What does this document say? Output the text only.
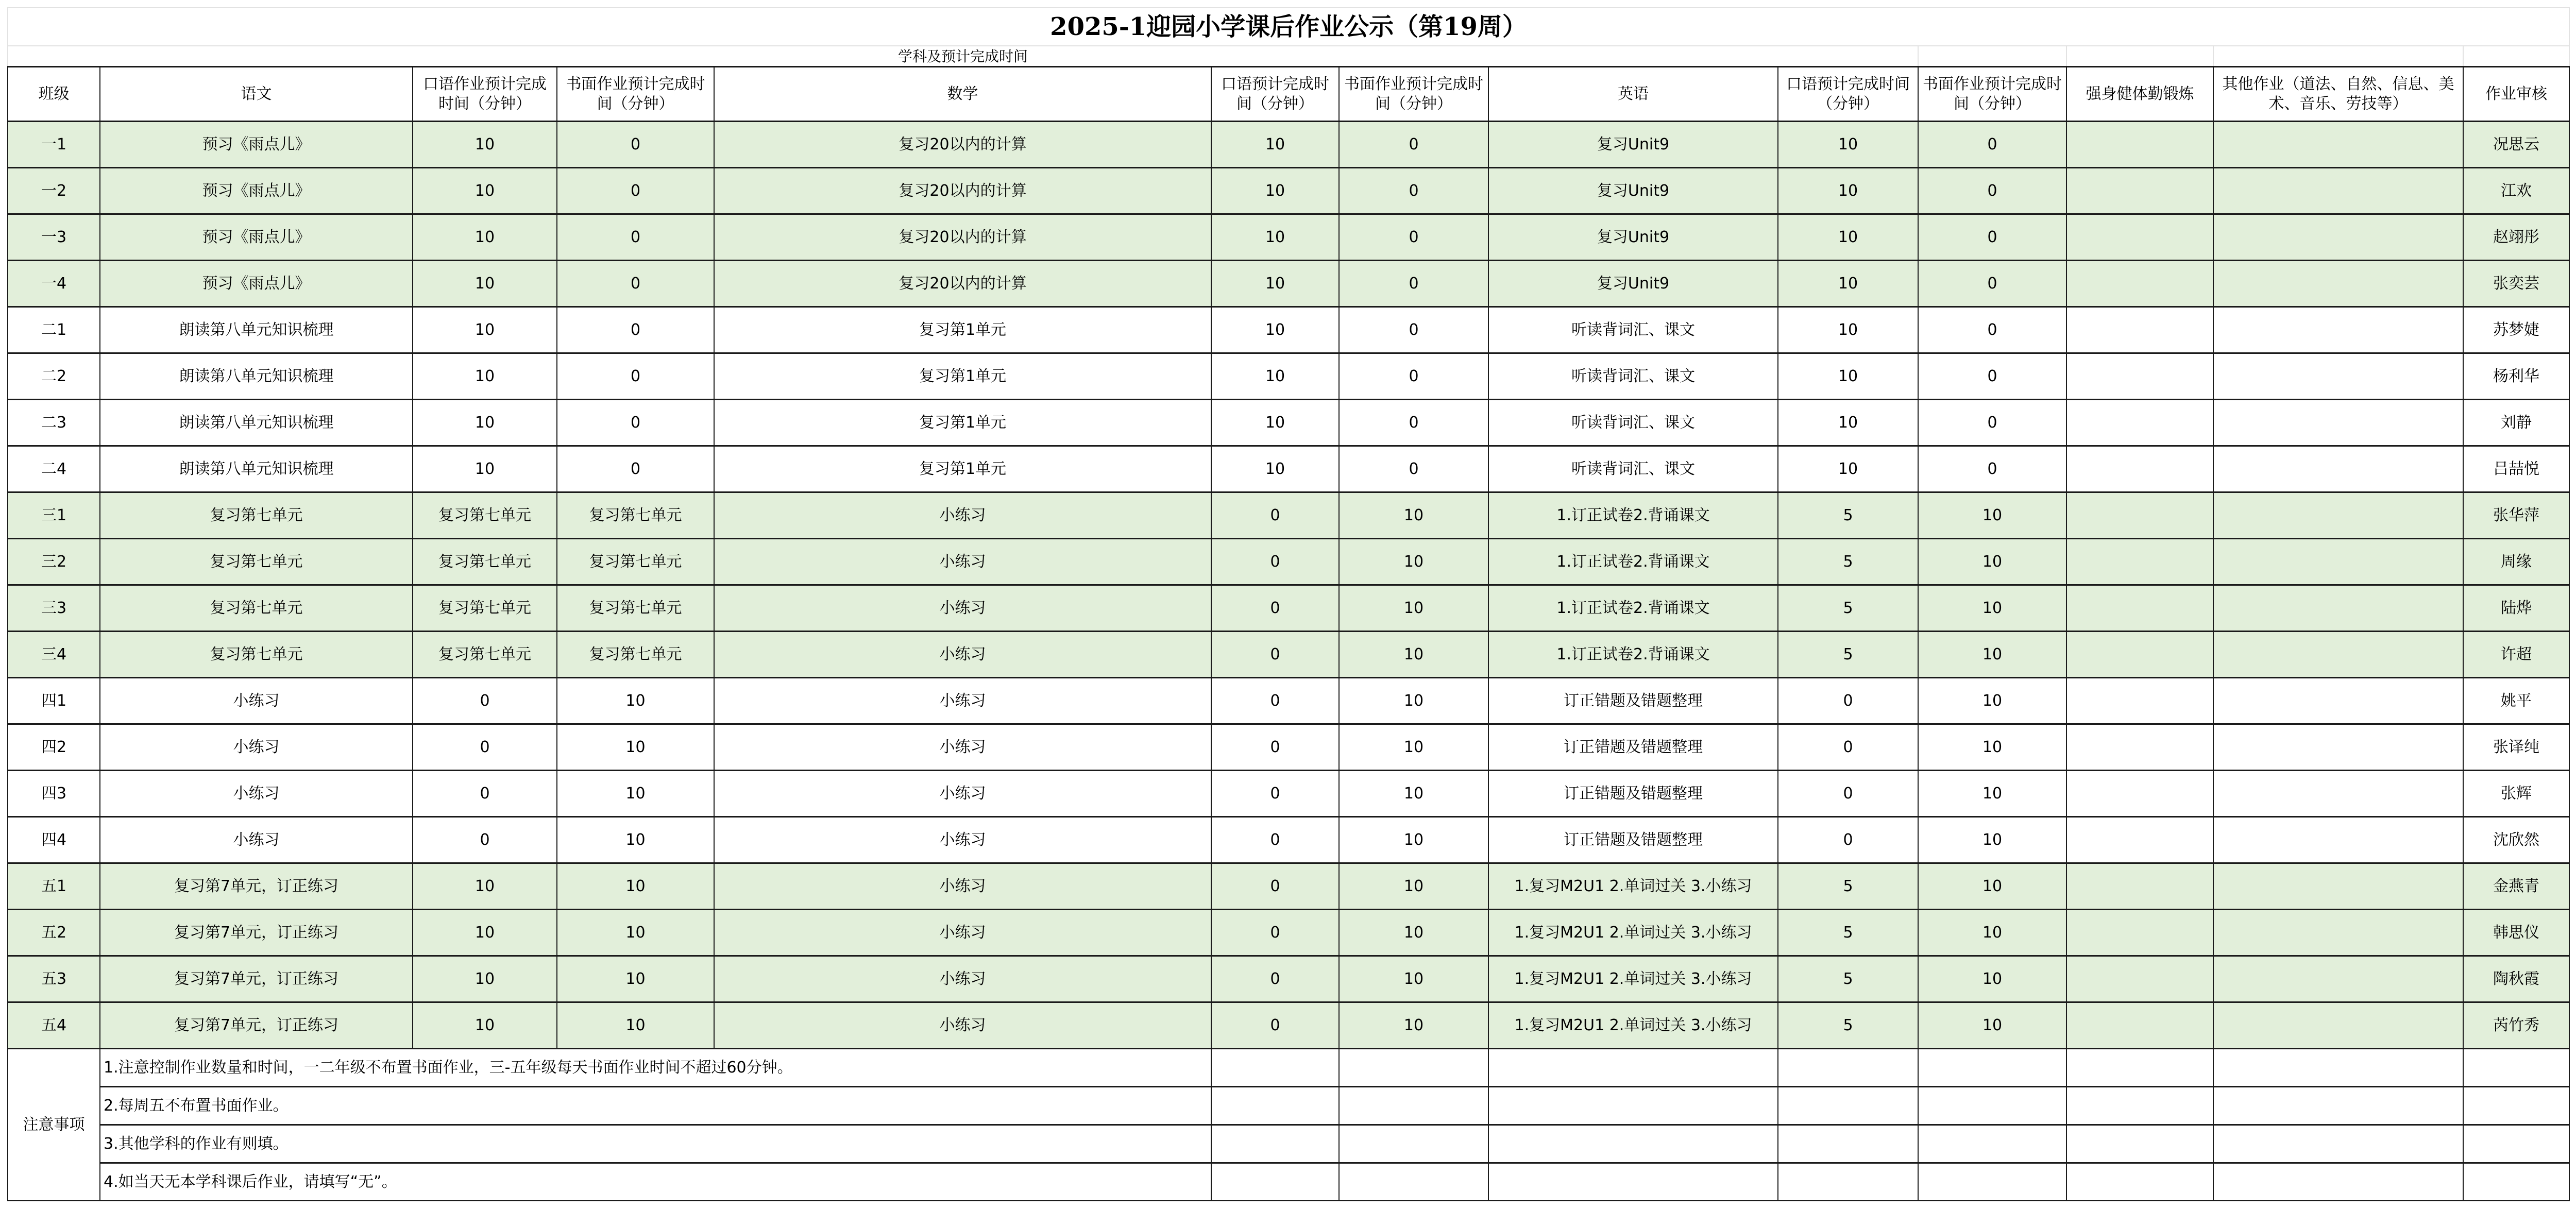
2025-1迎园小学课后作业公示（第19周）												
学科及预计完成时间												
班级	语文	口语作业预计完成时间（分钟）	书面作业预计完成时间（分钟）	数学	口语预计完成时间（分钟）	书面作业预计完成时间（分钟）	英语	口语预计完成时间（分钟）	书面作业预计完成时间（分钟）	强身健体勤锻炼	其他作业（道法、自然、信息、美术、音乐、劳技等）	作业审核
一1	预习《雨点儿》	10	0	复习20以内的计算	10	0	复习Unit9	10	0			况思云
一2	预习《雨点儿》	10	0	复习20以内的计算	10	0	复习Unit9	10	0			江欢
一3	预习《雨点儿》	10	0	复习20以内的计算	10	0	复习Unit9	10	0			赵翊彤
一4	预习《雨点儿》	10	0	复习20以内的计算	10	0	复习Unit9	10	0			张奕芸
二1	朗读第八单元知识梳理	10	0	复习第1单元	10	0	听读背词汇、课文	10	0			苏梦婕
二2	朗读第八单元知识梳理	10	0	复习第1单元	10	0	听读背词汇、课文	10	0			杨利华
二3	朗读第八单元知识梳理	10	0	复习第1单元	10	0	听读背词汇、课文	10	0			刘静
二4	朗读第八单元知识梳理	10	0	复习第1单元	10	0	听读背词汇、课文	10	0			吕喆悦
三1	复习第七单元	复习第七单元	复习第七单元	小练习	0	10	1.订正试卷2.背诵课文	5	10			张华萍
三2	复习第七单元	复习第七单元	复习第七单元	小练习	0	10	1.订正试卷2.背诵课文	5	10			周缘
三3	复习第七单元	复习第七单元	复习第七单元	小练习	0	10	1.订正试卷2.背诵课文	5	10			陆烨
三4	复习第七单元	复习第七单元	复习第七单元	小练习	0	10	1.订正试卷2.背诵课文	5	10			许超
四1	小练习	0	10	小练习	0	10	订正错题及错题整理	0	10			姚平
四2	小练习	0	10	小练习	0	10	订正错题及错题整理	0	10			张译纯
四3	小练习	0	10	小练习	0	10	订正错题及错题整理	0	10			张辉
四4	小练习	0	10	小练习	0	10	订正错题及错题整理	0	10			沈欣然
五1	复习第7单元，订正练习	10	10	小练习	0	10	1.复习M2U1 2.单词过关 3.小练习	5	10			金燕青
五2	复习第7单元，订正练习	10	10	小练习	0	10	1.复习M2U1 2.单词过关 3.小练习	5	10			韩思仪
五3	复习第7单元，订正练习	10	10	小练习	0	10	1.复习M2U1 2.单词过关 3.小练习	5	10			陶秋霞
五4	复习第7单元，订正练习	10	10	小练习	0	10	1.复习M2U1 2.单词过关 3.小练习	5	10			芮竹秀
注意事项	1.注意控制作业数量和时间，一二年级不布置书面作业，三-五年级每天书面作业时间不超过60分钟。											
	2.每周五不布置书面作业。											
	3.其他学科的作业有则填。											
	4.如当天无本学科课后作业，请填写“无”。											
